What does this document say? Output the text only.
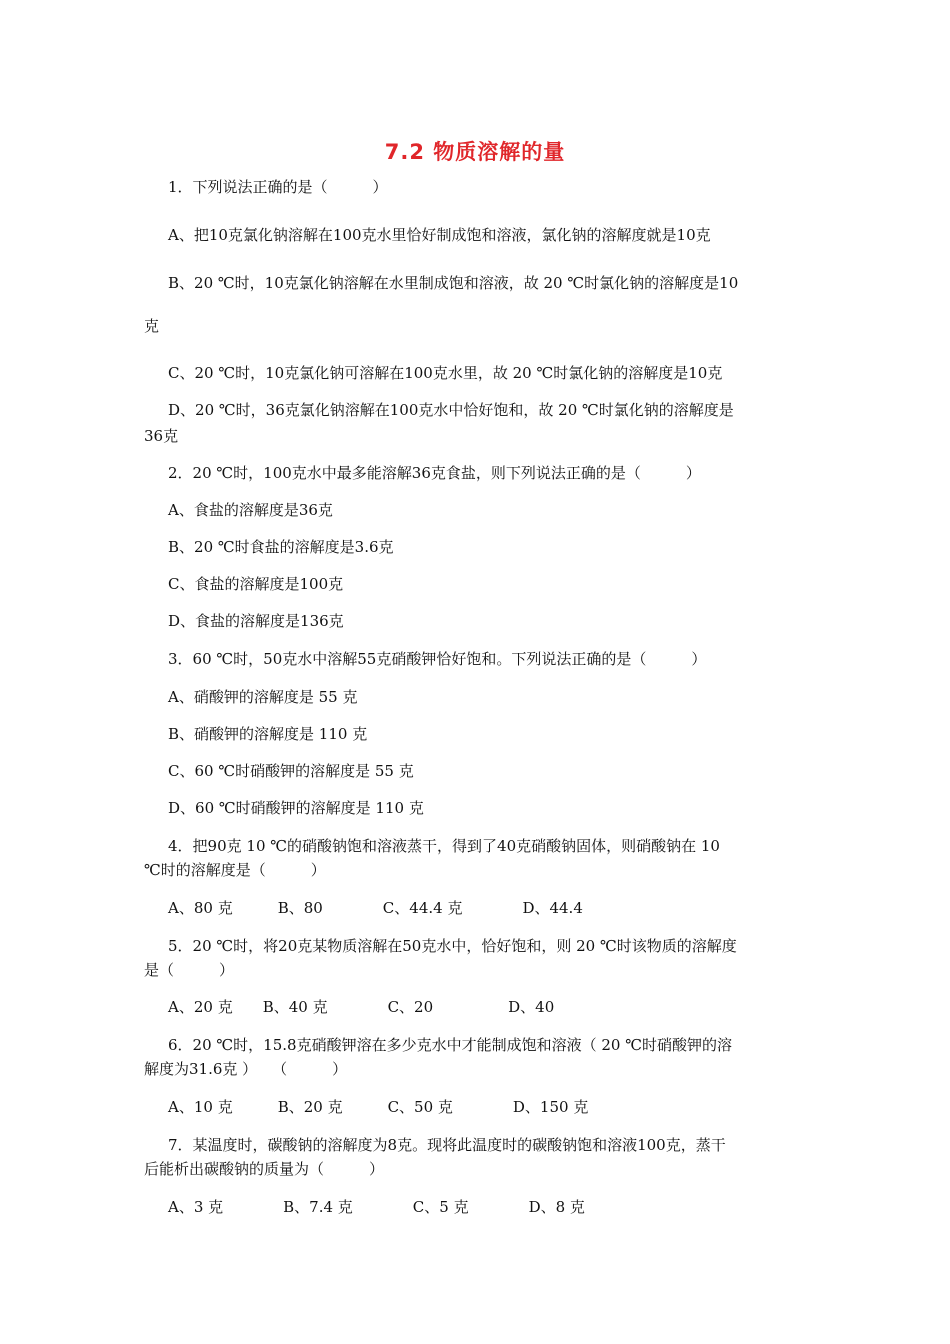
7.2 物质溶解的量
1．下列说法正确的是（　　　）
A、把10克氯化钠溶解在100克水里恰好制成饱和溶液，氯化钠的溶解度就是10克
B、20 ℃时，10克氯化钠溶解在水里制成饱和溶液，故 20 ℃时氯化钠的溶解度是10
克
C、20 ℃时，10克氯化钠可溶解在100克水里，故 20 ℃时氯化钠的溶解度是10克
D、20 ℃时，36克氯化钠溶解在100克水中恰好饱和，故 20 ℃时氯化钠的溶解度是
36克
2．20 ℃时，100克水中最多能溶解36克食盐，则下列说法正确的是（　　　）
A、食盐的溶解度是36克
B、20 ℃时食盐的溶解度是3.6克
C、食盐的溶解度是100克
D、食盐的溶解度是136克
3．60 ℃时，50克水中溶解55克硝酸钾恰好饱和。下列说法正确的是（　　　）
A、硝酸钾的溶解度是 55 克
B、硝酸钾的溶解度是 110 克
C、60 ℃时硝酸钾的溶解度是 55 克
D、60 ℃时硝酸钾的溶解度是 110 克
4．把90克 10 ℃的硝酸钠饱和溶液蒸干，得到了40克硝酸钠固体，则硝酸钠在 10
℃时的溶解度是（　　　）
A、80 克　　　B、80　　　　C、44.4 克　　　　D、44.4
5．20 ℃时，将20克某物质溶解在50克水中，恰好饱和，则 20 ℃时该物质的溶解度
是（　　　）
A、20 克　　B、40 克　　　　C、20　　　　　D、40
6．20 ℃时，15.8克硝酸钾溶在多少克水中才能制成饱和溶液（ 20 ℃时硝酸钾的溶
解度为31.6克 ）　　（　　　）
A、10 克　　　B、20 克　　　C、50 克　　　　D、150 克
7．某温度时，碳酸钠的溶解度为8克。现将此温度时的碳酸钠饱和溶液100克，蒸干
后能析出碳酸钠的质量为（　　　）
A、3 克　　　　B、7.4 克　　　　C、5 克　　　　D、8 克
